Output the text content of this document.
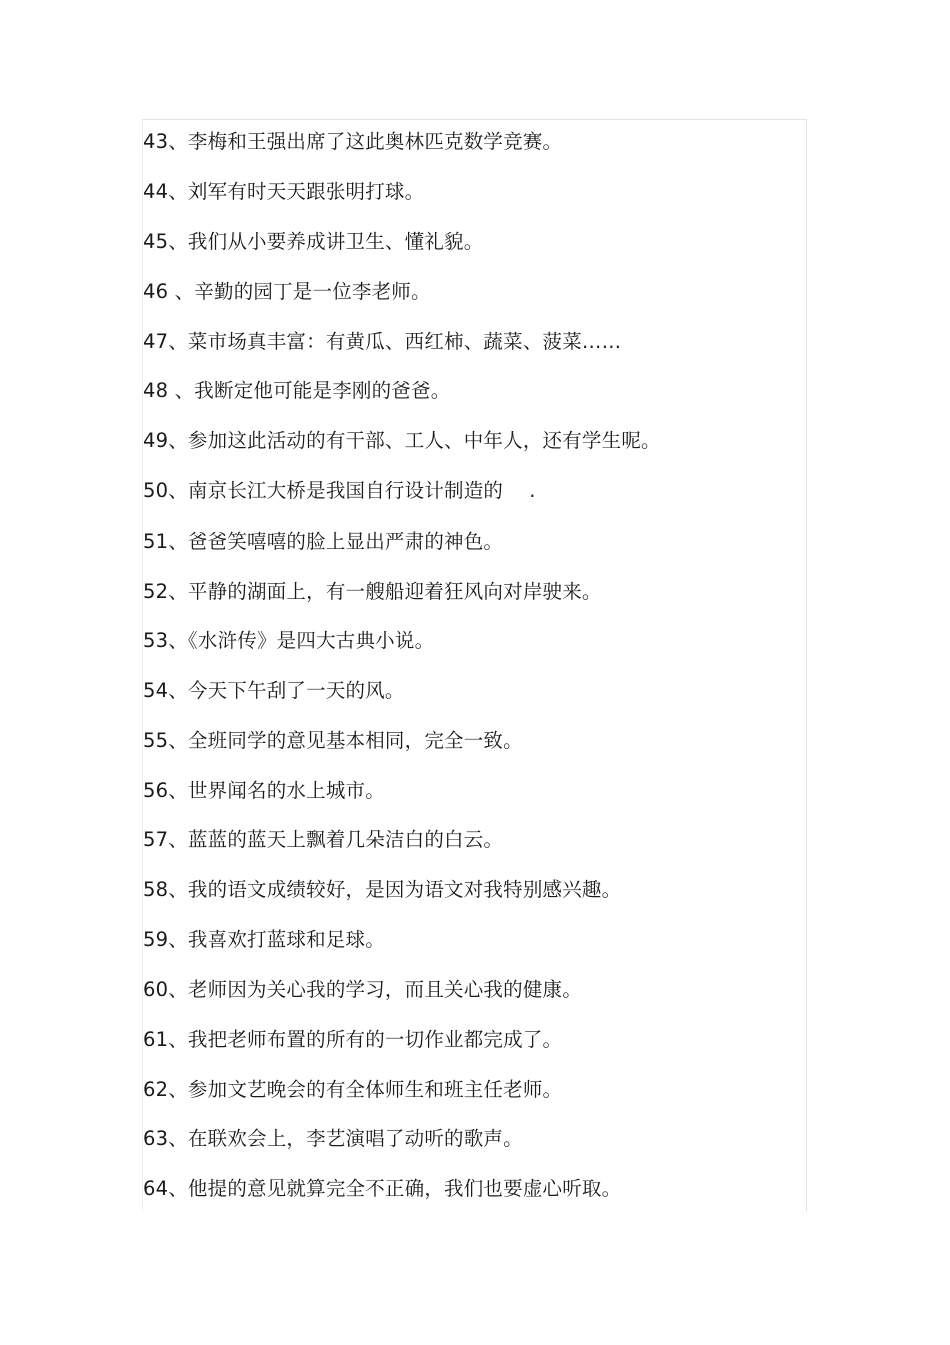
43、李梅和王强出席了这此奥林匹克数学竞赛。
44、刘军有时天天跟张明打球。
45、我们从小要养成讲卫生、懂礼貌。
46 、辛勤的园丁是一位李老师。
47、菜市场真丰富：有黄瓜、西红柿、蔬菜、菠菜……
48 、我断定他可能是李刚的爸爸。
49、参加这此活动的有干部、工人、中年人，还有学生呢。
50、南京长江大桥是我国自行设计制造的　 .
51、爸爸笑嘻嘻的脸上显出严肃的神色。
52、平静的湖面上，有一艘船迎着狂风向对岸驶来。
53、《水浒传》是四大古典小说。
54、今天下午刮了一天的风。
55、全班同学的意见基本相同，完全一致。
56、世界闻名的水上城市。
57、蓝蓝的蓝天上飘着几朵洁白的白云。
58、我的语文成绩较好，是因为语文对我特别感兴趣。
59、我喜欢打蓝球和足球。
60、老师因为关心我的学习，而且关心我的健康。
61、我把老师布置的所有的一切作业都完成了。
62、参加文艺晚会的有全体师生和班主任老师。
63、在联欢会上，李艺演唱了动听的歌声。
64、他提的意见就算完全不正确，我们也要虚心听取。
